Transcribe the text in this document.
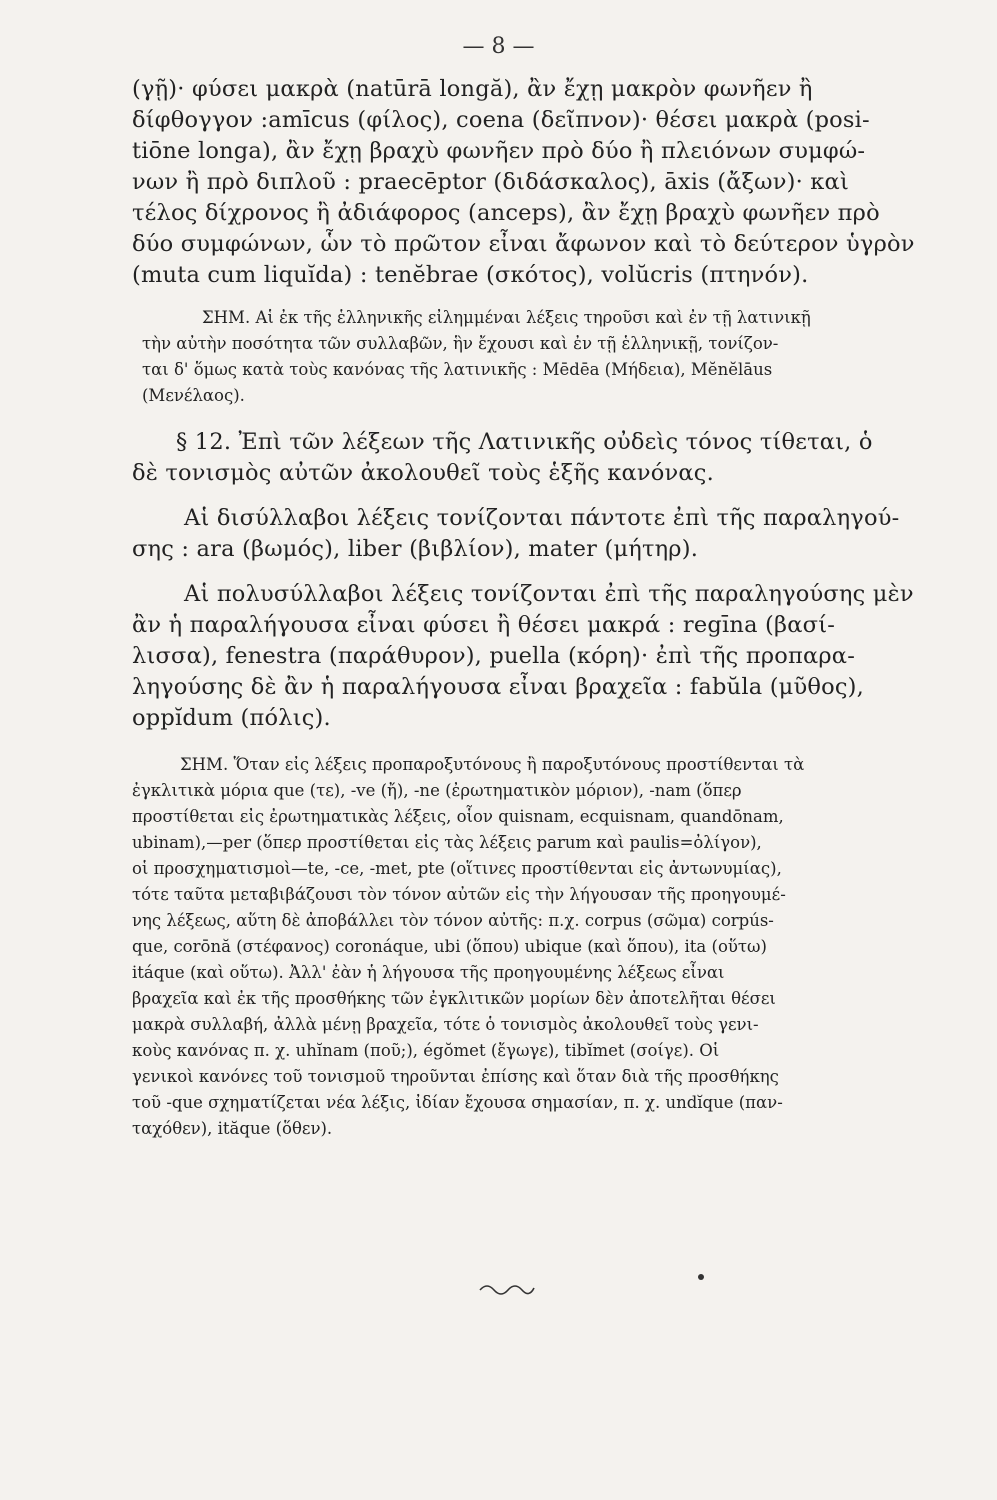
— 8 —
(γῇ)· φύσει μακρὰ (natūrā longă), ἂν ἔχῃ μακρὸν φωνῆεν ἢ
δίφθογγον :amīcus (φίλος), coena (δεῖπνον)· θέσει μακρὰ (posi-
tiōne longa), ἂν ἔχῃ βραχὺ φωνῆεν πρὸ δύο ἢ πλειόνων συμφώ-
νων ἢ πρὸ διπλοῦ : praecēptor (διδάσκαλος), āxis (ἄξων)· καὶ
τέλος δίχρονος ἢ ἀδιάφορος (anceps), ἂν ἔχῃ βραχὺ φωνῆεν πρὸ
δύο συμφώνων, ὧν τὸ πρῶτον εἶναι ἄφωνον καὶ τὸ δεύτερον ὑγρὸν
(muta cum liquĭda) : tenĕbrae (σκότος), volŭcris (πτηνόν).
ΣΗΜ. Αἱ ἐκ τῆς ἑλληνικῆς εἰλημμέναι λέξεις τηροῦσι καὶ ἐν τῇ λατινικῇ
τὴν αὐτὴν ποσότητα τῶν συλλαβῶν, ἣν ἔχουσι καὶ ἐν τῇ ἑλληνικῇ, τονίζον-
ται δ' ὅμως κατὰ τοὺς κανόνας τῆς λατινικῆς : Mēdēa (Μήδεια), Mĕnĕlāus
(Μενέλαος).
§ 12. Ἐπὶ τῶν λέξεων τῆς Λατινικῆς οὐδεὶς τόνος τίθεται, ὁ
δὲ τονισμὸς αὐτῶν ἀκολουθεῖ τοὺς ἑξῆς κανόνας.
Αἱ δισύλλαβοι λέξεις τονίζονται πάντοτε ἐπὶ τῆς παραληγού-
σης : ara (βωμός), liber (βιβλίον), mater (μήτηρ).
Αἱ πολυσύλλαβοι λέξεις τονίζονται ἐπὶ τῆς παραληγούσης μὲν
ἂν ἡ παραλήγουσα εἶναι φύσει ἢ θέσει μακρά : regīna (βασί-
λισσα), fenestra (παράθυρον), puella (κόρη)· ἐπὶ τῆς προπαρα-
ληγούσης δὲ ἂν ἡ παραλήγουσα εἶναι βραχεῖα : fabŭla (μῦθος),
oppĭdum (πόλις).
ΣΗΜ. Ὅταν εἰς λέξεις προπαροξυτόνους ἢ παροξυτόνους προστίθενται τὰ
ἐγκλιτικὰ μόρια que (τε), -ve (ἤ), -ne (ἐρωτηματικὸν μόριον), -nam (ὅπερ
προστίθεται εἰς ἐρωτηματικὰς λέξεις, οἷον quisnam, ecquisnam, quandōnam,
ubinam),—per (ὅπερ προστίθεται εἰς τὰς λέξεις parum καὶ paulis=ὀλίγον),
οἱ προσχηματισμοὶ—te, -ce, -met, pte (οἵτινες προστίθενται εἰς ἀντωνυμίας),
τότε ταῦτα μεταβιβάζουσι τὸν τόνον αὐτῶν εἰς τὴν λήγουσαν τῆς προηγουμέ-
νης λέξεως, αὕτη δὲ ἀποβάλλει τὸν τόνον αὐτῆς: π.χ. corpus (σῶμα) corpús-
que, corōnă (στέφανος) coronáque, ubi (ὅπου) ubique (καὶ ὅπου), ita (οὕτω)
itáque (καὶ οὕτω). Ἀλλ' ἐὰν ἡ λήγουσα τῆς προηγουμένης λέξεως εἶναι
βραχεῖα καὶ ἐκ τῆς προσθήκης τῶν ἐγκλιτικῶν μορίων δὲν ἀποτελῆται θέσει
μακρὰ συλλαβή, ἀλλὰ μένῃ βραχεῖα, τότε ὁ τονισμὸς ἀκολουθεῖ τοὺς γενι-
κοὺς κανόνας π. χ. uhĭnam (ποῦ;), égŏmet (ἔγωγε), tibĭmet (σοίγε). Οἱ
γενικοὶ κανόνες τοῦ τονισμοῦ τηροῦνται ἐπίσης καὶ ὅταν διὰ τῆς προσθήκης
τοῦ -que σχηματίζεται νέα λέξις, ἰδίαν ἔχουσα σημασίαν, π. χ. undĭque (παν-
ταχόθεν), ităque (ὅθεν).
